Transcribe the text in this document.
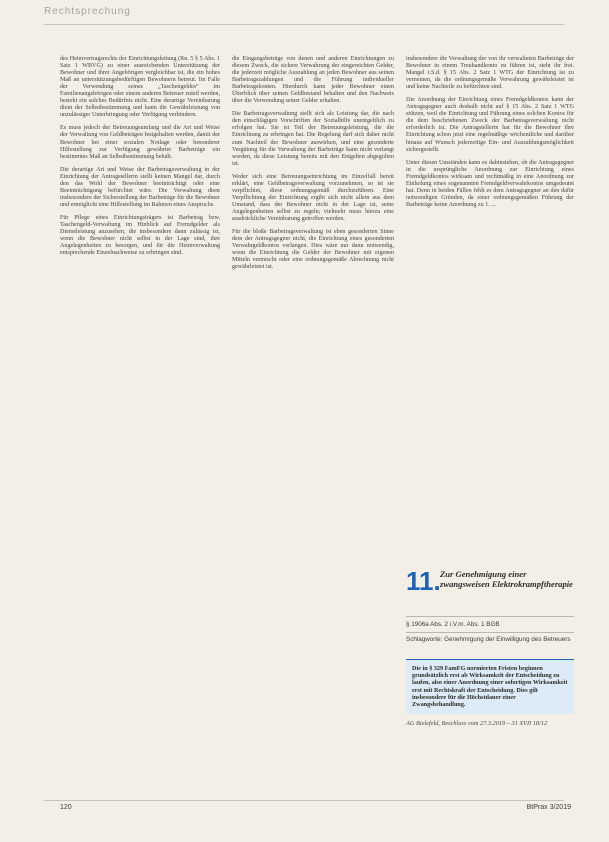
Rechtsprechung

des Heimvertragsrechts der Einrichtungsleitung (Rn. 5 § 5 Abs. 1 Satz 1 WBVG) zu einer ausreichenden Unterstützung der Bewohner und ihrer Angehörigen vergleichbar ist, die ein hohes Maß an unterstützungsbedürftigen Bewohnern betreut. Im Falle der Verwendung seines „Taschengeldes“ im Familienangehörigen oder einem anderen Betreuer zuteil werden, besteht ein solches Bedürfnis nicht. Eine derartige Vereinbarung dient der Selbstbestimmung und kann die Gewährleistung von unzulässiger Unterbringung oder Verfügung verhindern.

Es muss jedoch der Betreuungsumfang und die Art und Weise der Verwaltung von Geldbeträgen festgehalten werden, damit der Bewohner bei einer sozialen Notlage oder besonderer Hilfestellung zur Verfügung gewährter Barbeträge ein bestimmtes Maß an Selbstbestimmung behält.

Die derartige Art und Weise der Barbetragsverwaltung in der Einrichtung der Antragstellerin stellt keinen Mangel dar, durch den das Wohl der Bewohner beeinträchtigt oder eine Beeinträchtigung befürchtet wäre. Die Verwaltung dient insbesondere der Sicherstellung der Barbeträge für die Bewohner und ermöglicht eine Hilfestellung im Rahmen eines Anspruchs.

Für Pflege eines Einrichtungsträgers ist Barbetrag bzw. Taschengeld-Verwaltung im Hinblick auf Fremdgelder als Dienstleistung anzusehen, die insbesondere dann zulässig ist, wenn die Bewohner nicht selbst in der Lage sind, ihre Angelegenheiten zu besorgen, und für die Heimverwaltung entsprechende Einzelnachweise zu erbringen sind.

die Eingangsbeträge von denen und anderen Einrichtungen zu diesem Zweck, die sichere Verwahrung der eingereichten Gelder, die jederzeit mögliche Auszahlung an jeden Bewohner aus seinen Barbetragszahlungen und die Führung individueller Barbetragskonten. Hierdurch kann jeder Bewohner einen Überblick über seinen Geldbestand behalten und den Nachweis über die Verwendung seiner Gelder erhalten.

Die Barbetragsverwaltung stellt sich als Leistung dar, die nach den einschlägigen Vorschriften der Sozialhilfe unentgeltlich zu erfolgen hat. Sie ist Teil der Betreuungsleistung, die die Einrichtung zu erbringen hat. Die Regelung darf sich daher nicht zum Nachteil der Bewohner auswirken, und eine gesonderte Vergütung für die Verwaltung der Barbeträge kann nicht verlangt werden, da diese Leistung bereits mit den Entgelten abgegolten ist.

Weder sich eine Betreuungseinrichtung im Einzelfall bereit erklärt, eine Geldbetragsverwaltung vorzunehmen, so ist sie verpflichtet, diese ordnungsgemäß durchzuführen. Eine Verpflichtung der Einrichtung ergibt sich nicht allein aus dem Umstand, dass der Bewohner nicht in der Lage ist, seine Angelegenheiten selbst zu regeln; vielmehr muss hierzu eine ausdrückliche Vereinbarung getroffen werden.

Für die bloße Barbetragsverwaltung ist eben gesonderten Sinne dem der Antragsgegner nicht, die Einrichtung eines gesonderten Verwahrgeldkontos verlangen. Dies wäre nur dann notwendig, wenn die Einrichtung die Gelder der Bewohner mit eigenen Mitteln vermischt oder eine ordnungsgemäße Abrechnung nicht gewährleistet ist.

insbesondere die Verwaltung der von ihr verwalteten Barbeträge der Bewohner in einem Treuhandkonto zu führen ist, steht ihr frei. Mangel i.S.d. § 15 Abs. 2 Satz 1 WTG der Einrichtung ist zu verneinen, da die ordnungsgemäße Verwahrung gewährleistet ist und keine Nachteile zu befürchten sind.

Die Anordnung der Einrichtung eines Fremdgeldkontos kann der Antragsgegner auch deshalb nicht auf § 15 Abs. 2 Satz 1 WTG stützen, weil die Einrichtung und Führung eines solchen Kontos für die dem beschriebenen Zweck der Barbetragsverwaltung nicht erforderlich ist. Die Antragstellerin hat für die Bewohner ihre Einrichtung schon jetzt eine regelmäßige wöchentliche und darüber hinaus auf Wunsch jederzeitige Ein- und Auszahlungsmöglichkeit sichergestellt.

Unter diesen Umständen kann es dahinstehen, ob die Antragsgegner in die ursprüngliche Anordnung zur Einrichtung eines Fremdgeldkontos wirksam und rechtmäßig in eine Anordnung zur Einholung eines sogenannten Fremdgeldverwahrkontos umgedeutet hat. Denn in beiden Fällen fehlt es dem Antragsgegner an den dafür notwendigen Gründen, da einer ordnungsgemäßen Führung der Barbeträge keine Anordnung zu 1. ...

11. Zur Genehmigung einer zwangsweisen Elektrokrampftherapie
§ 1906a Abs. 2 i.V.m. Abs. 1 BGB
Schlagworte: Genehmigung der Einwilligung des Betreuers
Die in § 329 FamFG normierten Fristen beginnen grundsätzlich erst ab Wirksamkeit der Entscheidung zu laufen, also einer Anordnung einer sofortigen Wirksamkeit erst mit Rechtskraft der Entscheidung. Dies gilt insbesondere für die Höchstdauer einer Zwangsbehandlung.
AG Bielefeld, Beschluss vom 27.3.2019 – 31 XVII 18/12
120	BtPrax 3/2019
